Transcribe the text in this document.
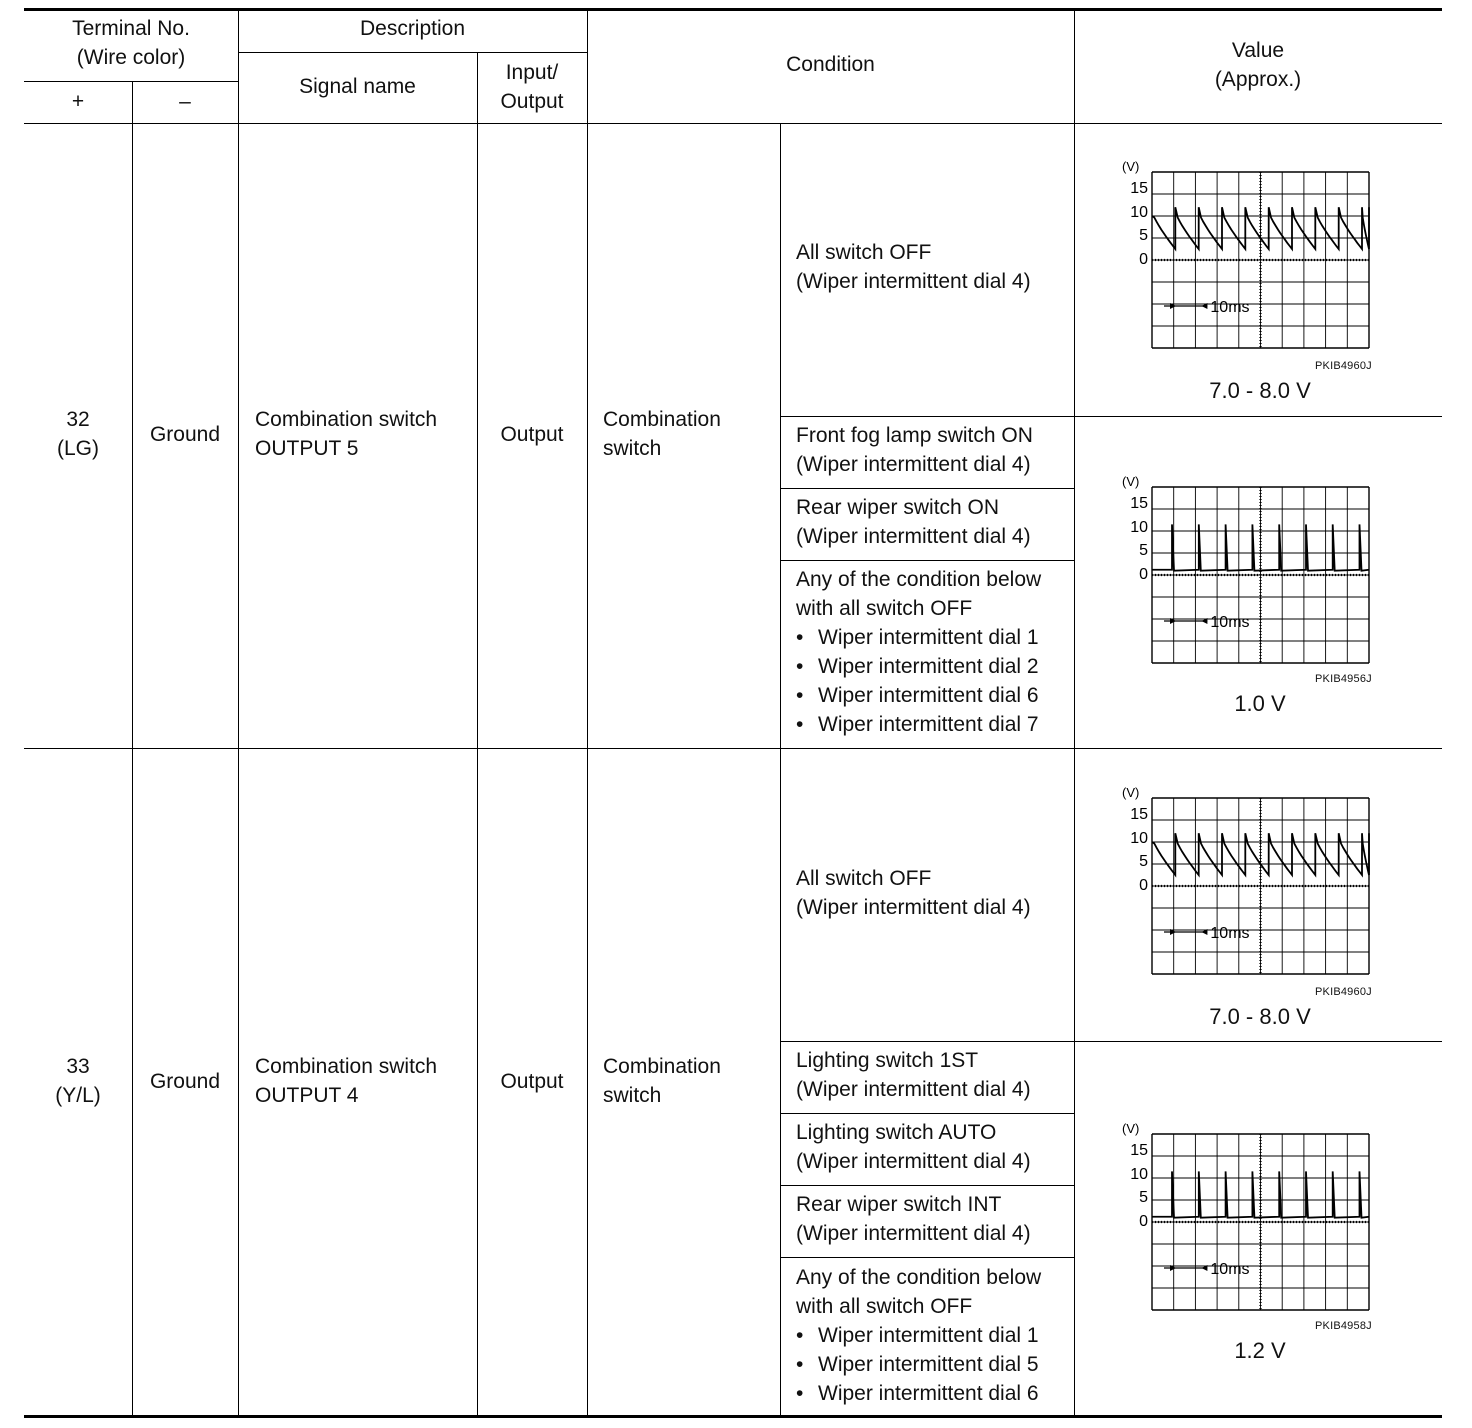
Terminal No.
(Wire color)
+	–
Description
Signal name
Input/
Output
Condition
Value
(Approx.)
32
(LG)
Ground
Combination switch
OUTPUT 5
Output
Combination
switch
All switch OFF
(Wiper intermittent dial 4)
Front fog lamp switch ON
(Wiper intermittent dial 4)
Rear wiper switch ON
(Wiper intermittent dial 4)
Any of the condition below
with all switch OFF
• Wiper intermittent dial 1
• Wiper intermittent dial 2
• Wiper intermittent dial 6
• Wiper intermittent dial 7
33
(Y/L)
Ground
Combination switch
OUTPUT 4
Output
Combination
switch
All switch OFF
(Wiper intermittent dial 4)
Lighting switch 1ST
(Wiper intermittent dial 4)
Lighting switch AUTO
(Wiper intermittent dial 4)
Rear wiper switch INT
(Wiper intermittent dial 4)
Any of the condition below
with all switch OFF
• Wiper intermittent dial 1
• Wiper intermittent dial 5
• Wiper intermittent dial 6
(V)
15
10
5
0
10ms
PKIB4960J
7.0 - 8.0 V
(V)
15
10
5
0
10ms
PKIB4956J
1.0 V
(V)
15
10
5
0
10ms
PKIB4960J
7.0 - 8.0 V
(V)
15
10
5
0
10ms
PKIB4958J
1.2 V
